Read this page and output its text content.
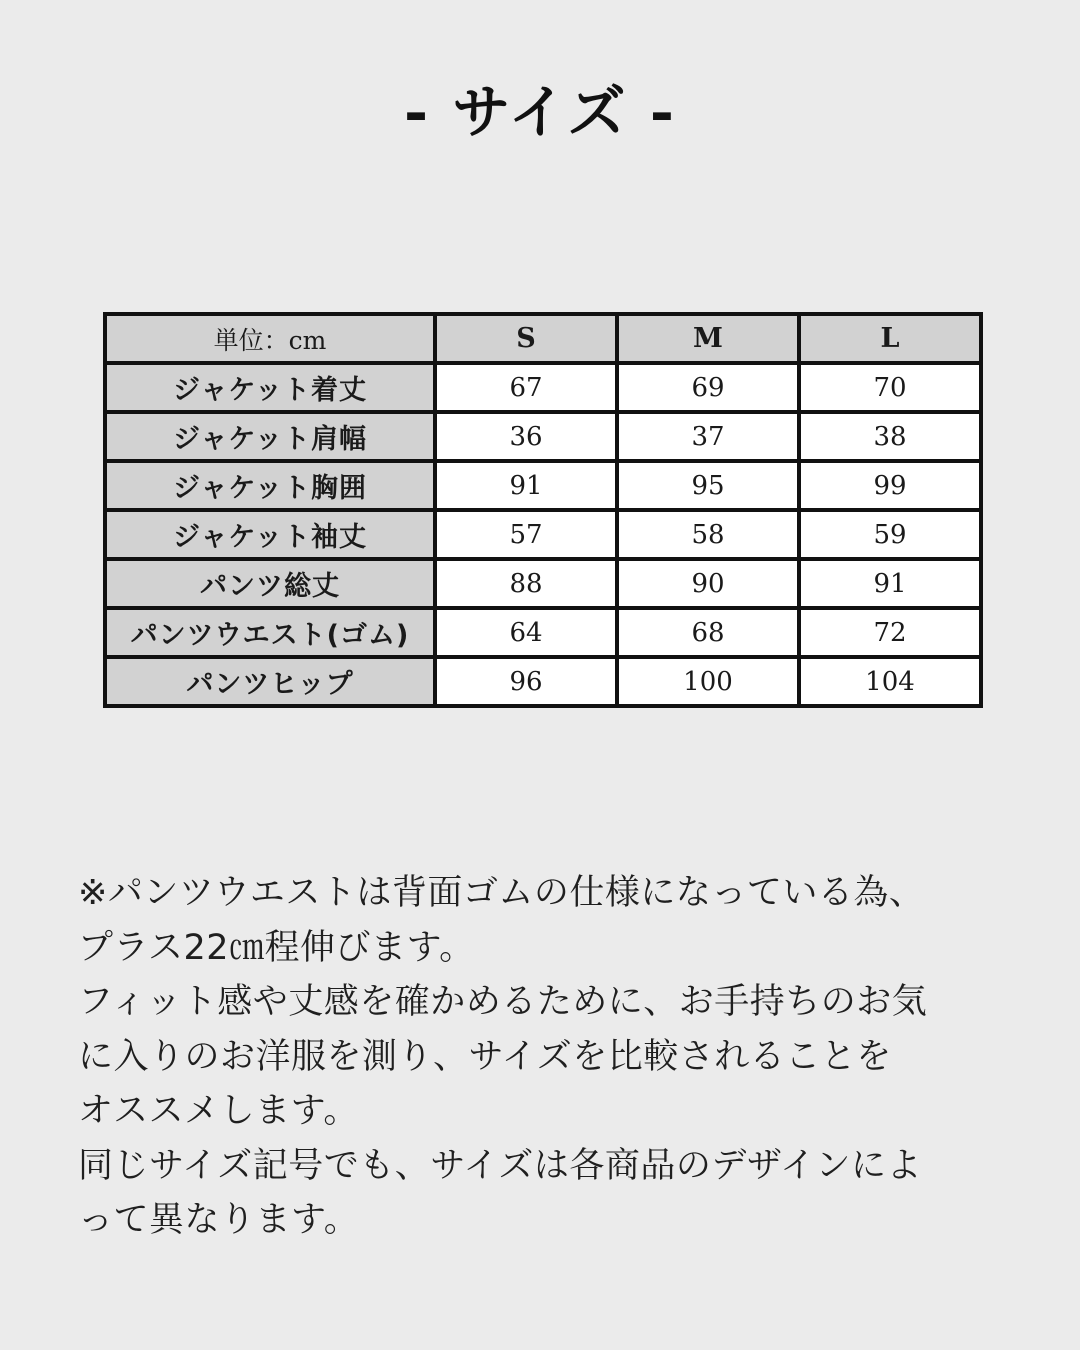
- サイズ -
単位：cm	S	M	L
ジャケット着丈	67	69	70
ジャケット肩幅	36	37	38
ジャケット胸囲	91	95	99
ジャケット袖丈	57	58	59
パンツ総丈	88	90	91
パンツウエスト(ゴム)	64	68	72
パンツヒップ	96	100	104
※パンツウエストは背面ゴムの仕様になっている為、
プラス22㎝程伸びます。
フィット感や丈感を確かめるために、お手持ちのお気
に入りのお洋服を測り、サイズを比較されることを
オススメします。
同じサイズ記号でも、サイズは各商品のデザインによ
って異なります。
